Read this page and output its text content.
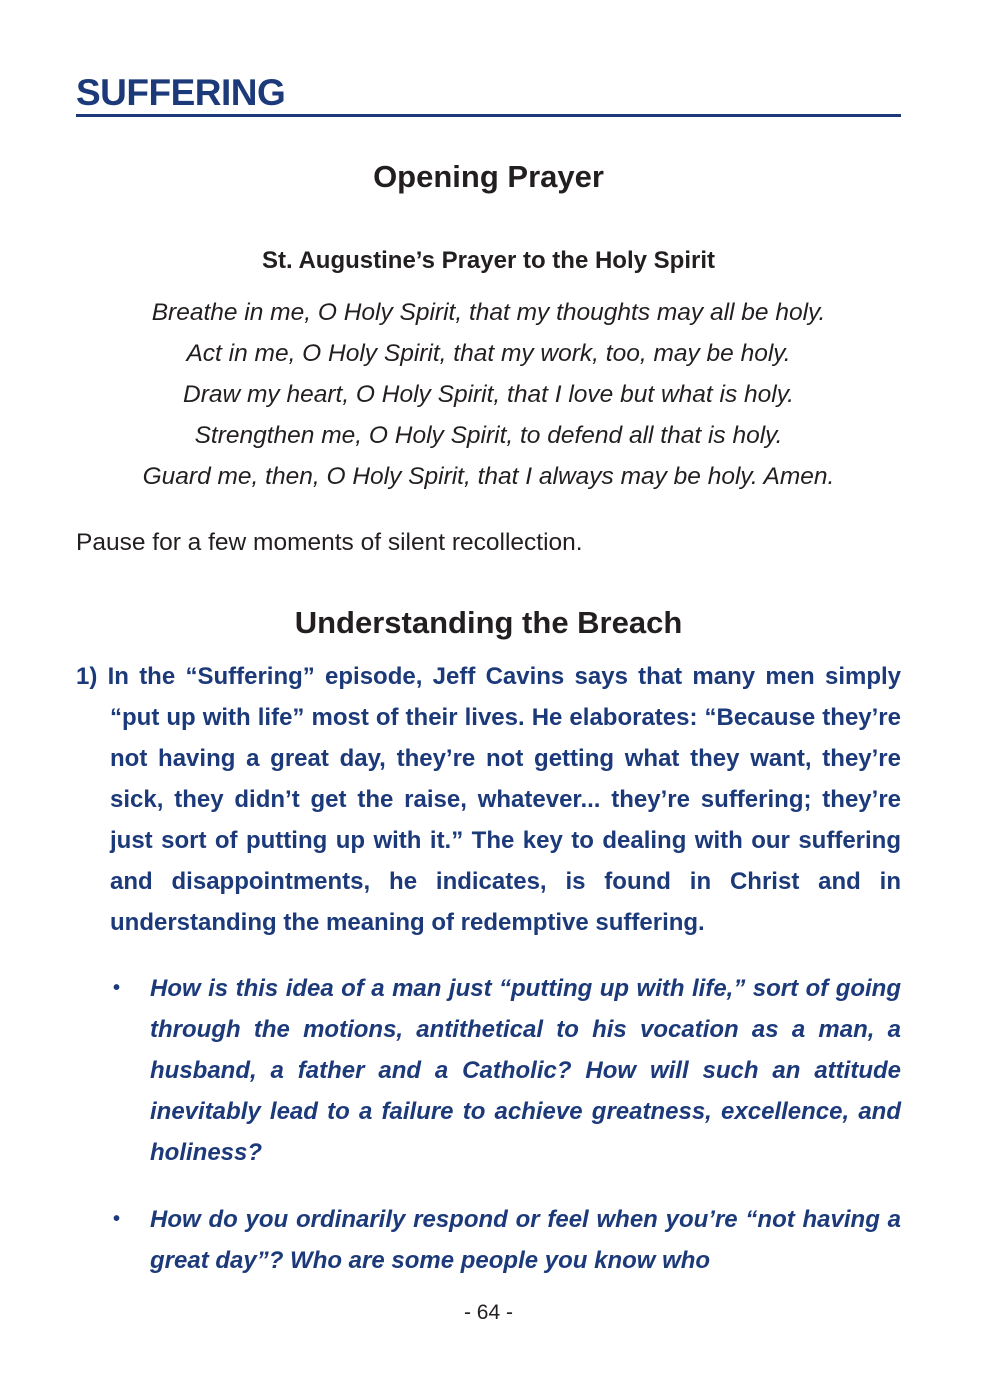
SUFFERING
Opening Prayer
St. Augustine’s Prayer to the Holy Spirit
Breathe in me, O Holy Spirit, that my thoughts may all be holy.
Act in me, O Holy Spirit, that my work, too, may be holy.
Draw my heart, O Holy Spirit, that I love but what is holy.
Strengthen me, O Holy Spirit, to defend all that is holy.
Guard me, then, O Holy Spirit, that I always may be holy. Amen.

Pause for a few moments of silent recollection.

Understanding the Breach

1) In the “Suffering” episode, Jeff Cavins says that many men simply “put up with life” most of their lives. He elaborates: “Because they’re not having a great day, they’re not getting what they want, they’re sick, they didn’t get the raise, whatever... they’re suffering; they’re just sort of putting up with it.” The key to dealing with our suffering and disappointments, he indicates, is found in Christ and in understanding the meaning of redemptive suffering.

• How is this idea of a man just “putting up with life,” sort of going through the motions, antithetical to his vocation as a man, a husband, a father and a Catholic? How will such an attitude inevitably lead to a failure to achieve greatness, excellence, and holiness?
• How do you ordinarily respond or feel when you’re “not having a great day”? Who are some people you know who

- 64 -
